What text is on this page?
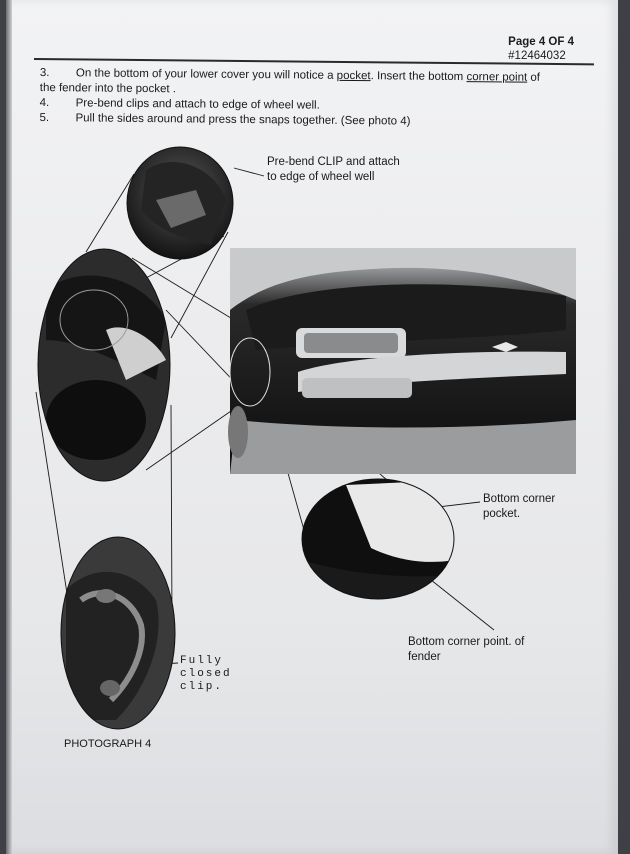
Page 4 OF 4
#12464032
3.	On the bottom of your lower cover you will notice a pocket. Insert the bottom corner point of
the fender into the pocket .
4.	Pre-bend clips and attach to edge of wheel well.
5.	Pull the sides around and press the snaps together. (See photo 4)
Pre-bend CLIP and attach
to edge of wheel well
Bottom corner
pocket.
Bottom corner point. of
fender
Fully
closed
clip.
PHOTOGRAPH 4
